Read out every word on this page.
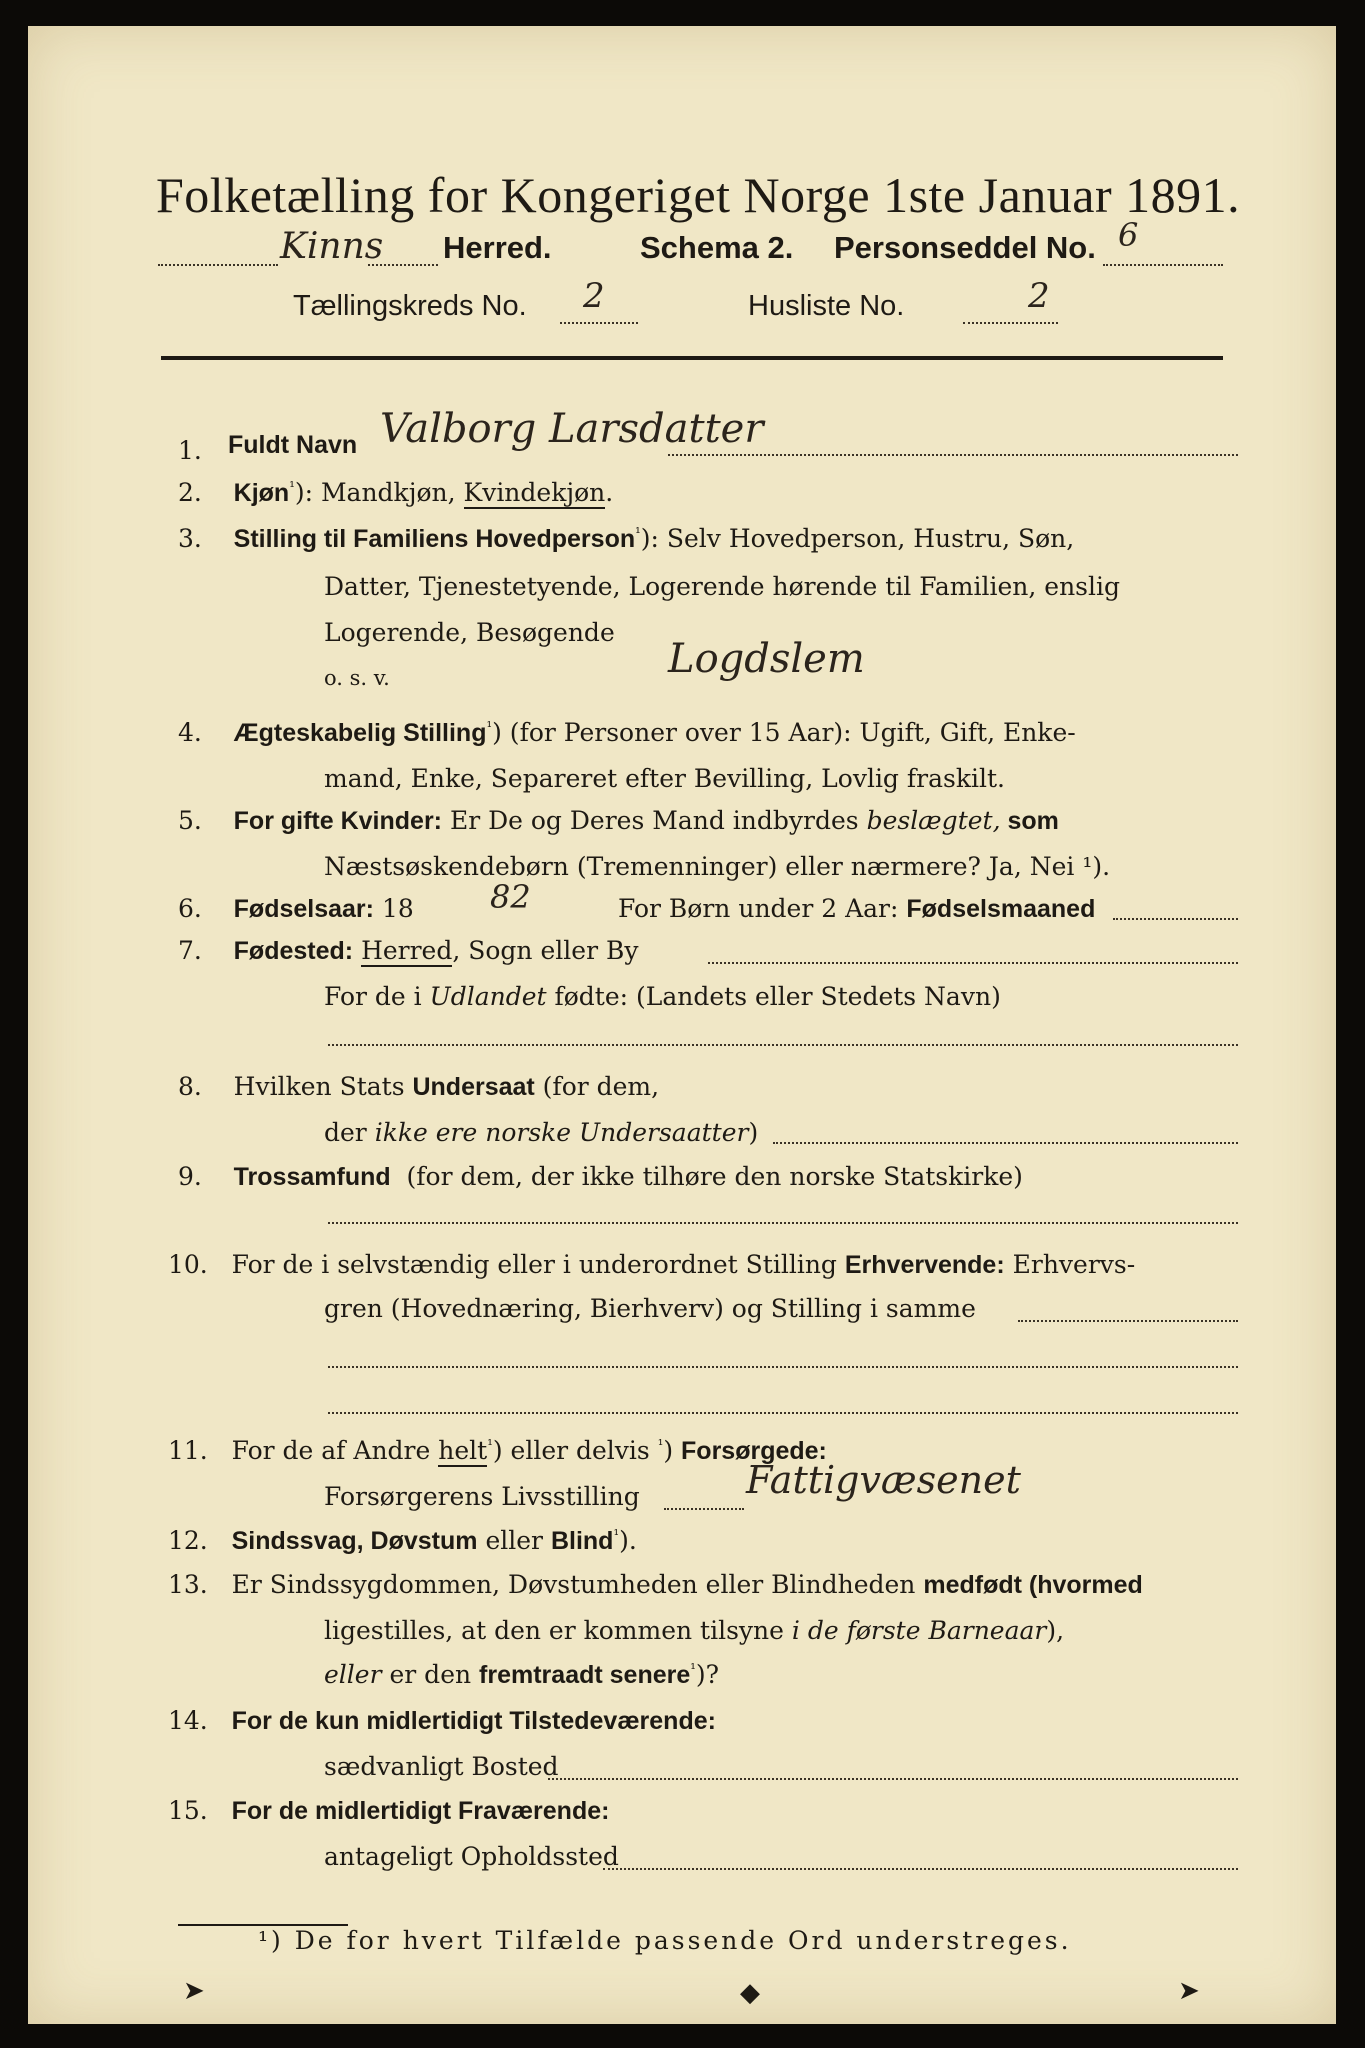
Folketælling for Kongeriget Norge 1ste Januar 1891.
Kinns Herred.	Schema 2. Personseddel No. 6
Tællingskreds No. 2	Husliste No.	2
1. Fuldt Navn Valborg Larsdatter
2. Kjøn$^{^1}$): Mandkjøn, Kvindekjøn.
3. Stilling til Familiens Hovedperson$^{^1}$): Selv Hovedperson, Hustru, Søn,
Datter, Tjenestetyende, Logerende hørende til Familien, enslig
Logerende, Besøgende
o. s. v.	Logdslem
4. Ægteskabelig Stilling$^{^1}$) (for Personer over 15 Aar): Ugift, Gift, Enke-
mand, Enke, Separeret efter Bevilling, Lovlig fraskilt.
5. For gifte Kvinder: Er De og Deres Mand indbyrdes beslægtet, som
Næstsøskendebørn (Tremenninger) eller nærmere? Ja, Nei ¹).
6. Fødselsaar: 18 82	For Børn under 2 Aar: Fødselsmaaned
7. Fødested: Herred, Sogn eller By
For de i Udlandet fødte: (Landets eller Stedets Navn)
8. Hvilken Stats Undersaat (for dem,
der ikke ere norske Undersaatter)
9. Trossamfund (for dem, der ikke tilhøre den norske Statskirke)
10. For de i selvstændig eller i underordnet Stilling Erhvervende: Erhvervs-
gren (Hovednæring, Bierhverv) og Stilling i samme
11. For de af Andre helt$^{^1}$) eller delvis $^{^1}$) Forsørgede:
Forsørgerens Livsstilling	Fattigvæsenet
12. Sindssvag, Døvstum eller Blind$^{^1}$).
13. Er Sindssygdommen, Døvstumheden eller Blindheden medfødt (hvormed
ligestilles, at den er kommen tilsyne i de første Barneaar),
eller er den fremtraadt senere$^{^1}$)?
14. For de kun midlertidigt Tilstedeværende:
sædvanligt Bosted
15. For de midlertidigt Fraværende:
antageligt Opholdssted
¹) De for hvert Tilfælde passende Ord understreges.
➤	◆	➤
